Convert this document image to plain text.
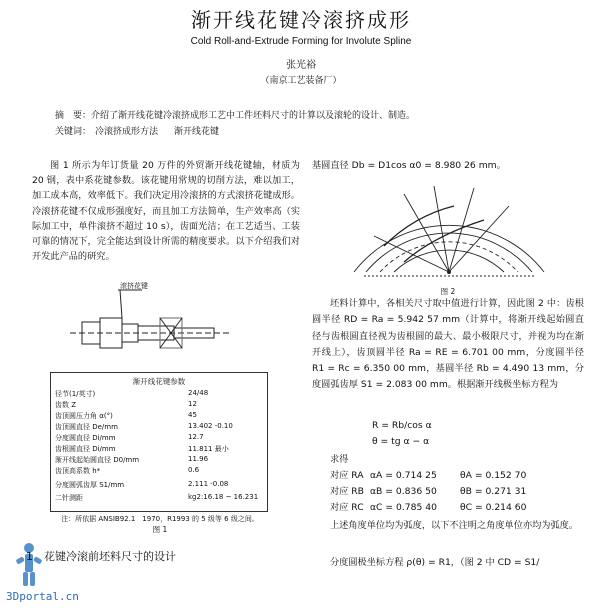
渐开线花键冷滚挤成形
Cold Roll-and-Extrude Forming for Involute Spline
张光裕
（南京工艺装备厂）
摘　要：介绍了渐开线花键冷滚挤成形工艺中工件坯料尺寸的计算以及滚轮的设计、制造。
关键词： 冷滚挤成形方法 渐开线花键

图 1 所示为年订货量 20 万件的外贸渐开线花键轴，材质为 20 钢，表中系花键参数。该花键用常规的切削方法，难以加工，加工成本高，效率低下。我们决定用冷滚挤的方式滚挤花键成形。冷滚挤花键不仅成形强度好，而且加工方法简单，生产效率高（实际加工中，单件滚挤不超过 10 s），齿面光洁；在工艺适当、工装可靠的情况下，完全能达到设计所需的精度要求。以下介绍我们对开发此产品的研究。

滚挤花键
渐开线花键参数
径节(1/英寸)	24/48
齿数 Z	12
齿顶圆压力角 α(°)	45
齿顶圆直径 De/mm	13.402 -0.10
分度圆直径 Di/mm	12.7
齿根圆直径 Di/mm	11.811 最小
渐开线起始圆直径 D0/mm	11.96
齿顶高系数 h*	0.6
分度圆弧齿厚 S1/mm	2.111 -0.08
二针测距	kg2:16.18 ~ 16.231
注：所依据 ANSIB92.1　1970，R1993 的 5 级等 6 级之间。
图 1
1　花键冷滚前坯料尺寸的设计
3Dportal.cn
基圆直径 Db = D1cos α0 = 8.980 26 mm。
图 2
坯料计算中，各相关尺寸取中值进行计算，因此图 2 中：齿根圆半径 RD = Ra = 5.942 57 mm（计算中，将渐开线起始圆直径与齿根圆直径视为齿根圆的最大、最小极限尺寸，并视为均在渐开线上），齿顶圆半径 Ra = RE = 6.701 00 mm，分度圆半径 R1 = Rc = 6.350 00 mm，基圆半径 Rb = 4.490 13 mm，分度圆弧齿厚 S1 = 2.083 00 mm。根据渐开线极坐标方程为
R = Rb/cos α
θ = tg α − α
求得
对应 RA αA = 0.714 25	θA = 0.152 70
对应 RB αB = 0.836 50	θB = 0.271 31
对应 RC αC = 0.785 40	θC = 0.214 60
上述角度单位均为弧度，以下不注明之角度单位亦均为弧度。
分度圆极坐标方程 ρ(θ) = R1，（图 2 中 CD = S1/
